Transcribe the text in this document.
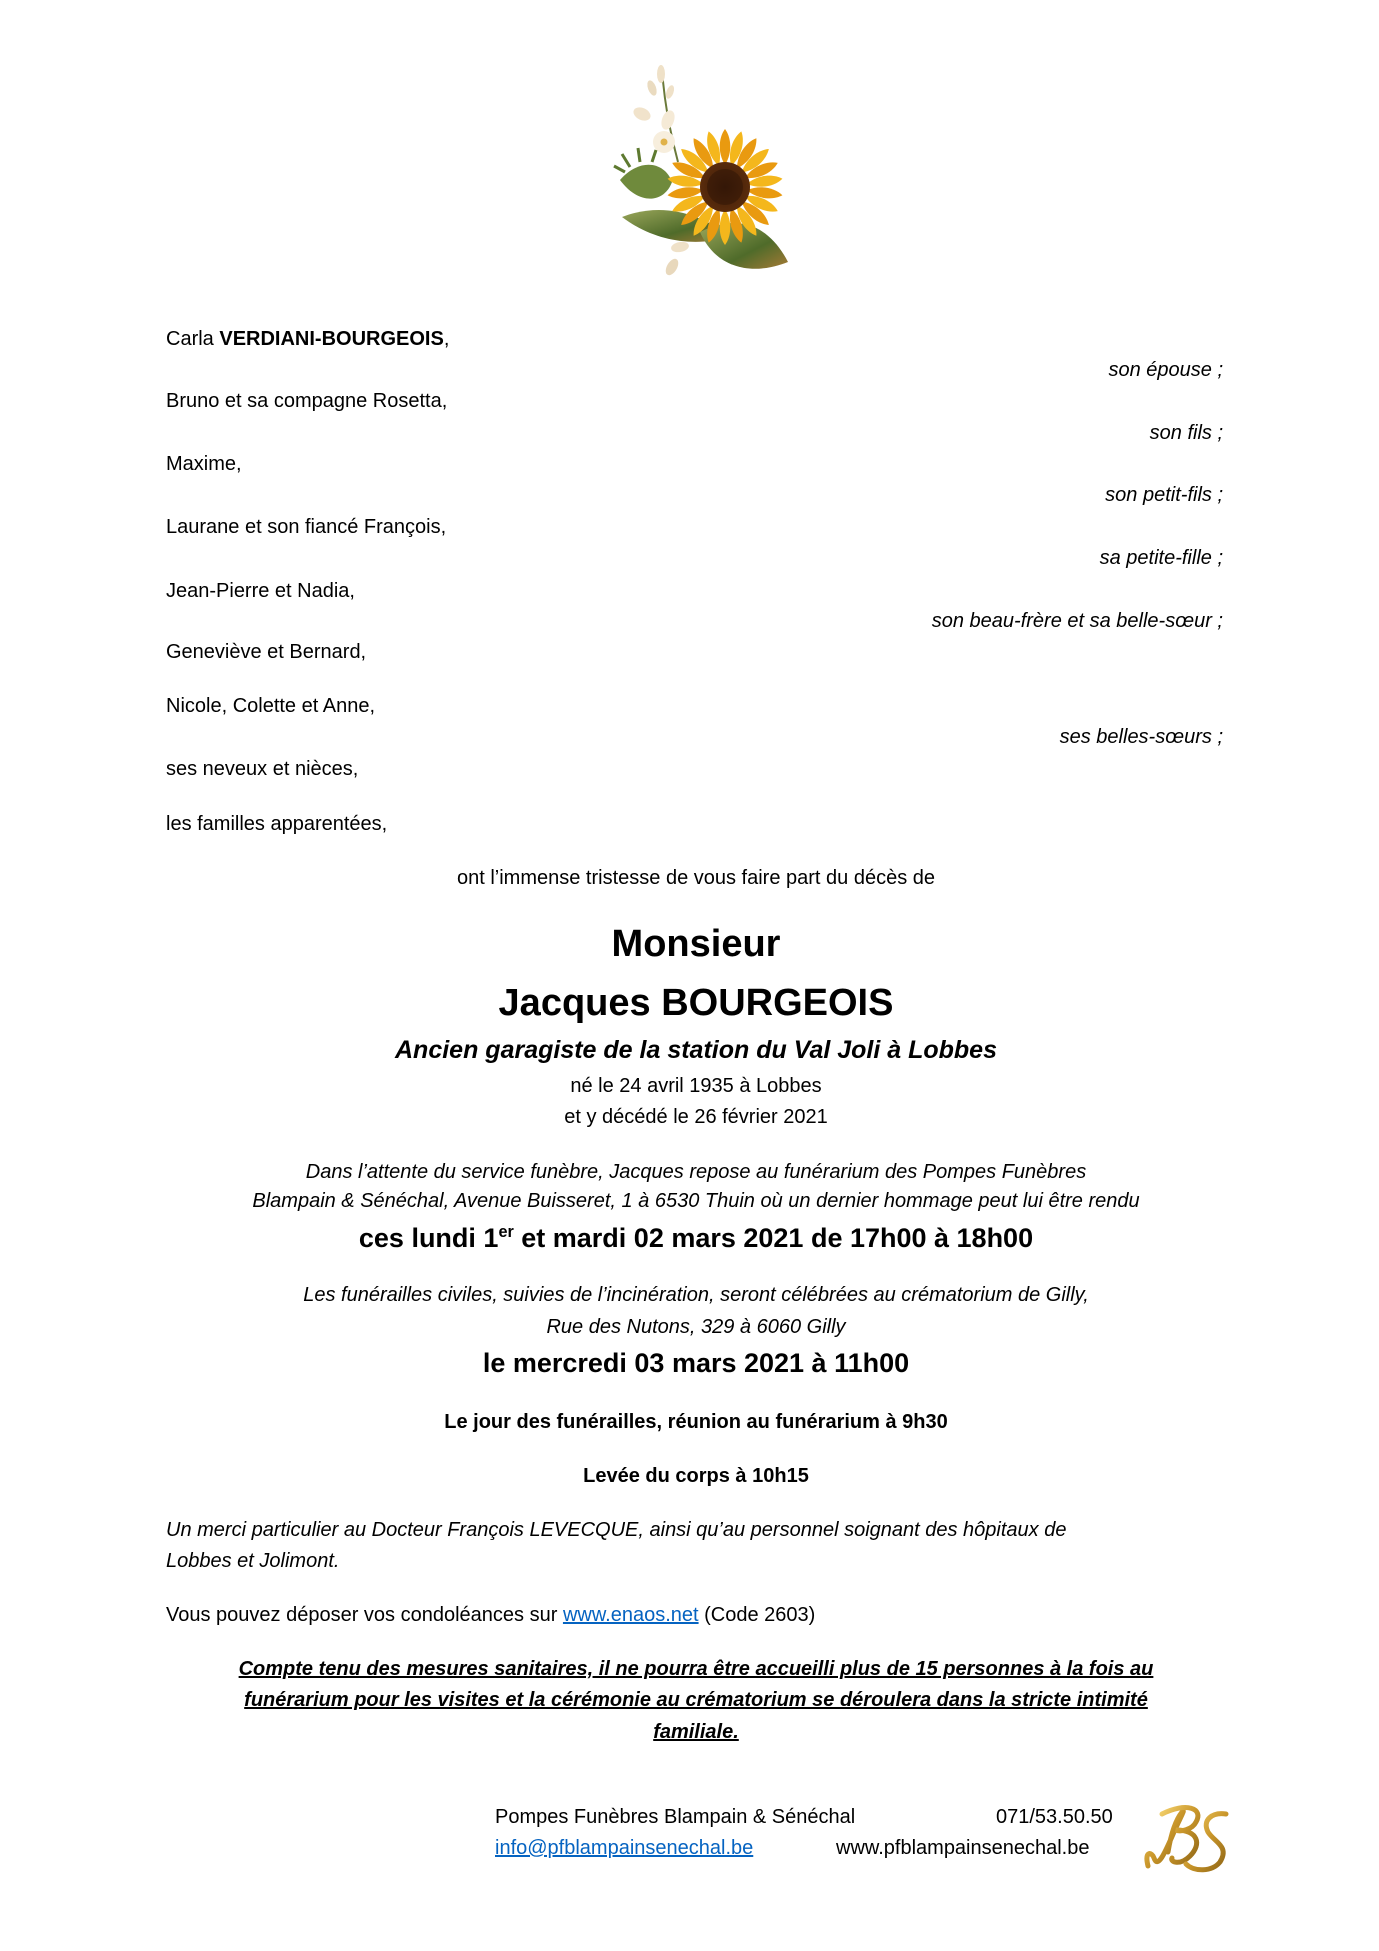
Carla VERDIANI-BOURGEOIS,
son épouse ;
Bruno et sa compagne Rosetta,
son fils ;
Maxime,
son petit-fils ;
Laurane et son fiancé François,
sa petite-fille ;
Jean-Pierre et Nadia,
son beau-frère et sa belle-sœur ;
Geneviève et Bernard,
Nicole, Colette et Anne,
ses belles-sœurs ;
ses neveux et nièces,
les familles apparentées,
ont l’immense tristesse de vous faire part du décès de
Monsieur
Jacques BOURGEOIS
Ancien garagiste de la station du Val Joli à Lobbes
né le 24 avril 1935 à Lobbes
et y décédé le 26 février 2021
Dans l’attente du service funèbre, Jacques repose au funérarium des Pompes Funèbres
Blampain & Sénéchal, Avenue Buisseret, 1 à 6530 Thuin où un dernier hommage peut lui être rendu
ces lundi 1er et mardi 02 mars 2021 de 17h00 à 18h00
Les funérailles civiles, suivies de l’incinération, seront célébrées au crématorium de Gilly,
Rue des Nutons, 329 à 6060 Gilly
le mercredi 03 mars 2021 à 11h00
Le jour des funérailles, réunion au funérarium à 9h30
Levée du corps à 10h15
Un merci particulier au Docteur François LEVECQUE, ainsi qu’au personnel soignant des hôpitaux de
Lobbes et Jolimont.
Vous pouvez déposer vos condoléances sur www.enaos.net (Code 2603)
Compte tenu des mesures sanitaires, il ne pourra être accueilli plus de 15 personnes à la fois au
funérarium pour les visites et la cérémonie au crématorium se déroulera dans la stricte intimité
familiale.
Pompes Funèbres Blampain & Sénéchal	071/53.50.50
info@pfblampainsenechal.be	www.pfblampainsenechal.be
